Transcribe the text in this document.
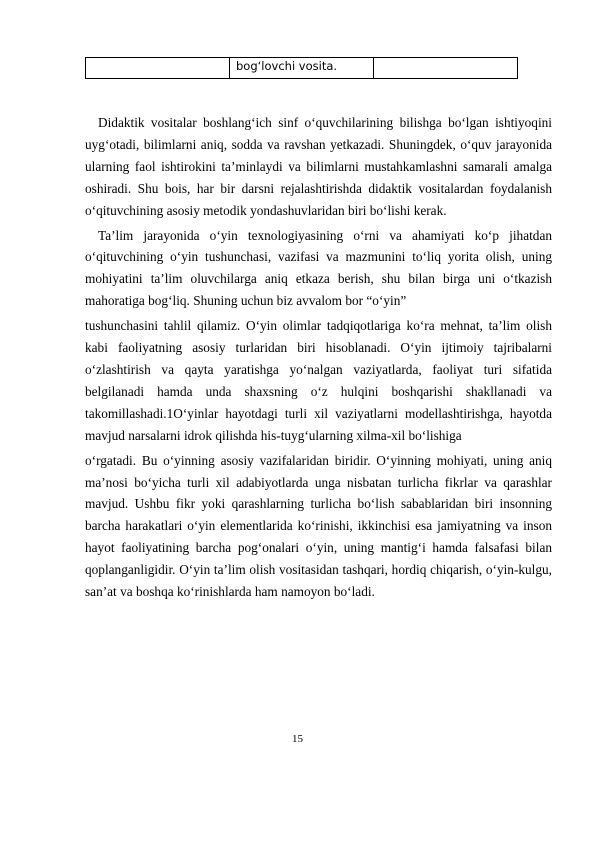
	bog‘lovchi vosita.	

Didaktik vositalar boshlang‘ich sinf o‘quvchilarining bilishga bo‘lgan ishtiyoqini uyg‘otadi, bilimlarni aniq, sodda va ravshan yetkazadi. Shuningdek, o‘quv jarayonida ularning faol ishtirokini ta’minlaydi va bilimlarni mustahkamlashni samarali amalga oshiradi. Shu bois, har bir darsni rejalashtirishda didaktik vositalardan foydalanish o‘qituvchining asosiy metodik yondashuvlaridan biri bo‘lishi kerak.

Ta’lim jarayonida o‘yin texnologiyasining o‘rni va ahamiyati ko‘p jihatdan o‘qituvchining o‘yin tushunchasi, vazifasi va mazmunini to‘liq yorita olish, uning mohiyatini ta’lim oluvchilarga aniq etkaza berish, shu bilan birga uni o‘tkazish mahoratiga bog‘liq. Shuning uchun biz avvalom bor “o‘yin”

tushunchasini tahlil qilamiz. O‘yin olimlar tadqiqotlariga ko‘ra mehnat, ta’lim olish kabi faoliyatning asosiy turlaridan biri hisoblanadi. O‘yin ijtimoiy tajribalarni o‘zlashtirish va qayta yaratishga yo‘nalgan vaziyatlarda, faoliyat turi sifatida belgilanadi hamda unda shaxsning o‘z hulqini boshqarishi shakllanadi va takomillashadi.1O‘yinlar hayotdagi turli xil vaziyatlarni modellashtirishga, hayotda mavjud narsalarni idrok qilishda his-tuyg‘ularning xilma-xil bo‘lishiga

o‘rgatadi. Bu o‘yinning asosiy vazifalaridan biridir. O‘yinning mohiyati, uning aniq ma’nosi bo‘yicha turli xil adabiyotlarda unga nisbatan turlicha fikrlar va qarashlar mavjud. Ushbu fikr yoki qarashlarning turlicha bo‘lish sabablaridan biri insonning barcha harakatlari o‘yin elementlarida ko‘rinishi, ikkinchisi esa jamiyatning va inson hayot faoliyatining barcha pog‘onalari o‘yin, uning mantig‘i hamda falsafasi bilan qoplanganligidir. O‘yin ta’lim olish vositasidan tashqari, hordiq chiqarish, o‘yin-kulgu, san’at va boshqa ko‘rinishlarda ham namoyon bo‘ladi.

15
